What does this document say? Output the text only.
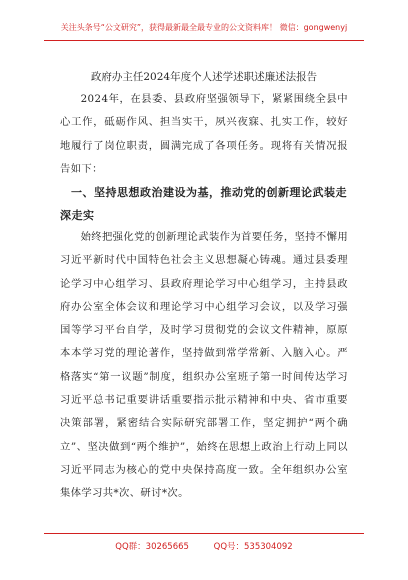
关注头条号“公文研究”，获得最新最全最专业的公文资料库！ 微信：gongwenyj
政府办主任2024年度个人述学述职述廉述法报告

2024年，在县委、县政府坚强领导下，紧紧围绕全县中心工作，砥砺作风、担当实干，夙兴夜寐、扎实工作，较好地履行了岗位职责，圆满完成了各项任务。现将有关情况报告如下：

一、坚持思想政治建设为基，推动党的创新理论武装走深走实

始终把强化党的创新理论武装作为首要任务，坚持不懈用习近平新时代中国特色社会主义思想凝心铸魂。通过县委理论学习中心组学习、县政府理论学习中心组学习，主持县政府办公室全体会议和理论学习中心组学习会议，以及学习强国等学习平台自学，及时学习贯彻党的会议文件精神，原原本本学习党的理论著作，坚持做到常学常新、入脑入心。严格落实“第一议题”制度，组织办公室班子第一时间传达学习习近平总书记重要讲话重要指示批示精神和中央、省市重要决策部署，紧密结合实际研究部署工作，坚定拥护“两个确立”、坚决做到“两个维护”，始终在思想上政治上行动上同以习近平同志为核心的党中央保持高度一致。全年组织办公室集体学习共*次、研讨*次。

QQ群：30265665	QQ号：535304092
